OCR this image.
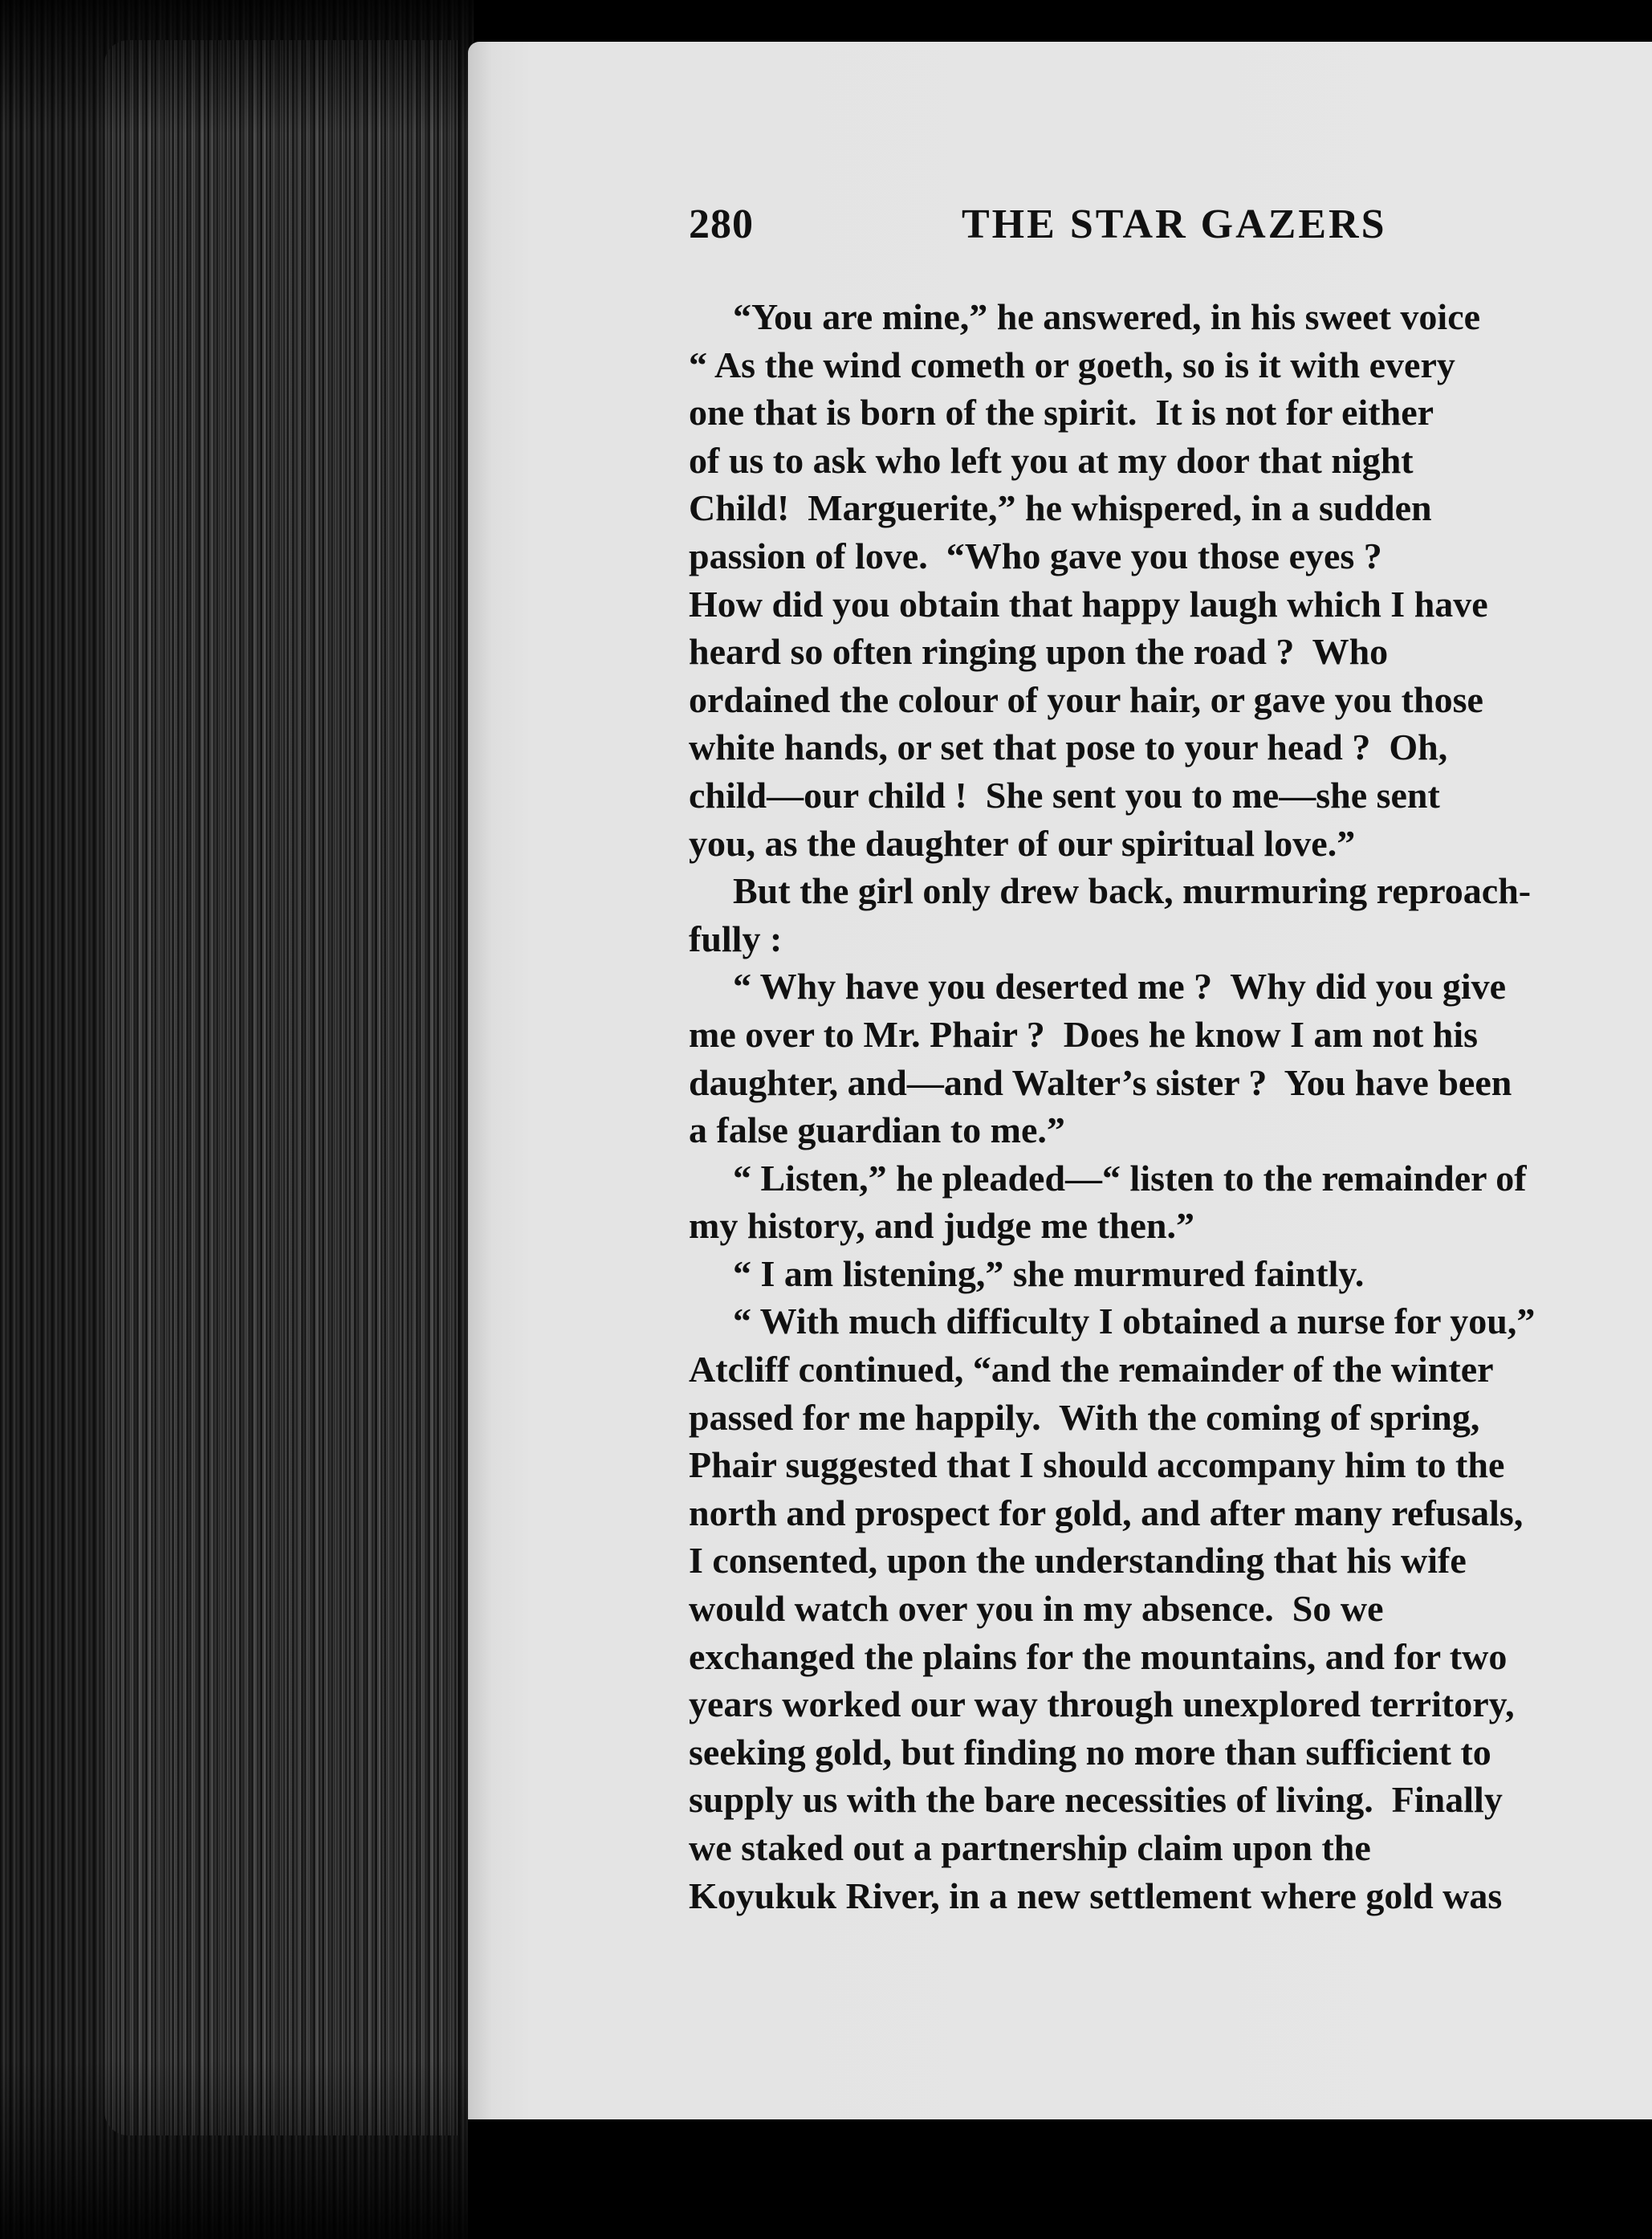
280	THE STAR GAZERS
“You are mine,” he answered, in his sweet voice
“ As the wind cometh or goeth, so is it with every
one that is born of the spirit.  It is not for either
of us to ask who left you at my door that night
Child!  Marguerite,” he whispered, in a sudden
passion of love.  “Who gave you those eyes ?
How did you obtain that happy laugh which I have
heard so often ringing upon the road ?  Who
ordained the colour of your hair, or gave you those
white hands, or set that pose to your head ?  Oh,
child—our child !  She sent you to me—she sent
you, as the daughter of our spiritual love.”
But the girl only drew back, murmuring reproach-
fully :
“ Why have you deserted me ?  Why did you give
me over to Mr. Phair ?  Does he know I am not his
daughter, and—and Walter’s sister ?  You have been
a false guardian to me.”
“ Listen,” he pleaded—“ listen to the remainder of
my history, and judge me then.”
“ I am listening,” she murmured faintly.
“ With much difficulty I obtained a nurse for you,”
Atcliff continued, “and the remainder of the winter
passed for me happily.  With the coming of spring,
Phair suggested that I should accompany him to the
north and prospect for gold, and after many refusals,
I consented, upon the understanding that his wife
would watch over you in my absence.  So we
exchanged the plains for the mountains, and for two
years worked our way through unexplored territory,
seeking gold, but finding no more than sufficient to
supply us with the bare necessities of living.  Finally
we staked out a partnership claim upon the
Koyukuk River, in a new settlement where gold was
